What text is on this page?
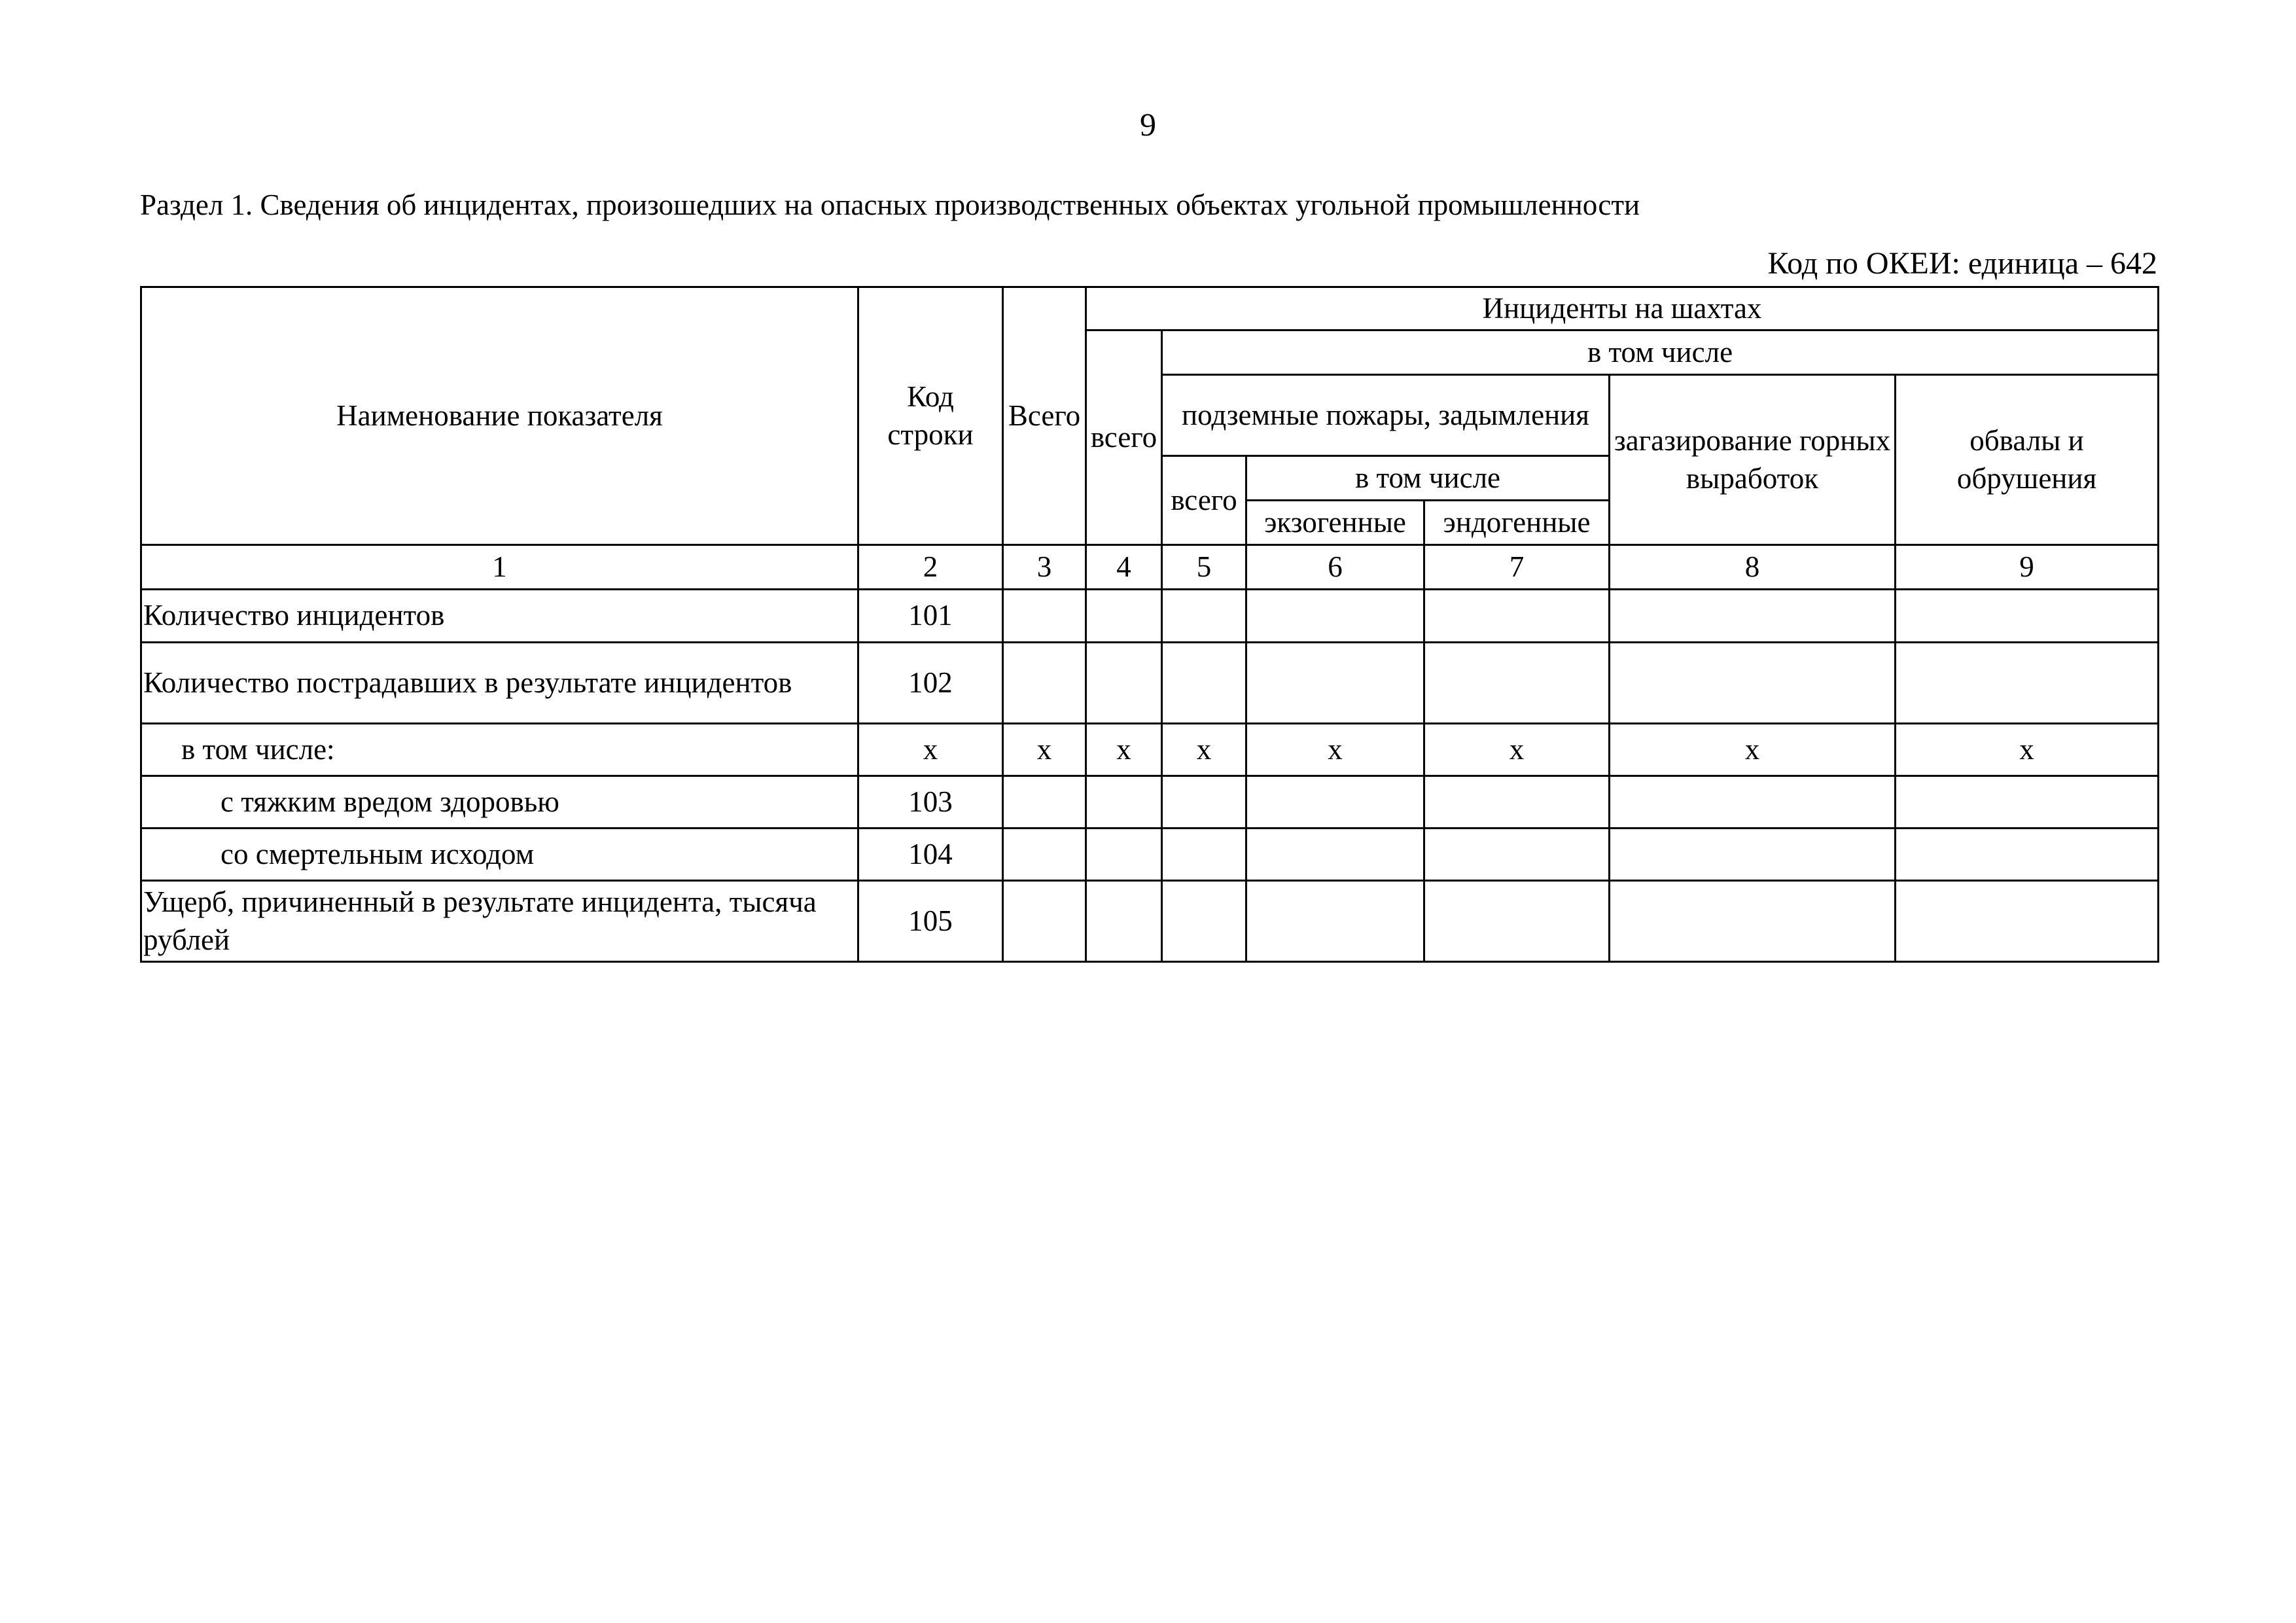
9
Раздел 1. Сведения об инцидентах, произошедших на опасных производственных объектах угольной промышленности
Код по ОКЕИ: единица – 642
Наименование показателя	Код строки	Всего	Инциденты на шахтах					
			всего	в том числе				
				подземные пожары, задымления			загазирование горных выработок	обвалы и обрушения
				всего	в том числе			
					экзогенные	эндогенные		

1	2	3	4	5	6	7	8	9
Количество инцидентов	101							
Количество пострадавших в результате инцидентов	102							
в том числе:	х	х	х	х	х	х	х	х
с тяжким вредом здоровью	103							
со смертельным исходом	104							
Ущерб, причиненный в результате инцидента, тысяча рублей	105							
